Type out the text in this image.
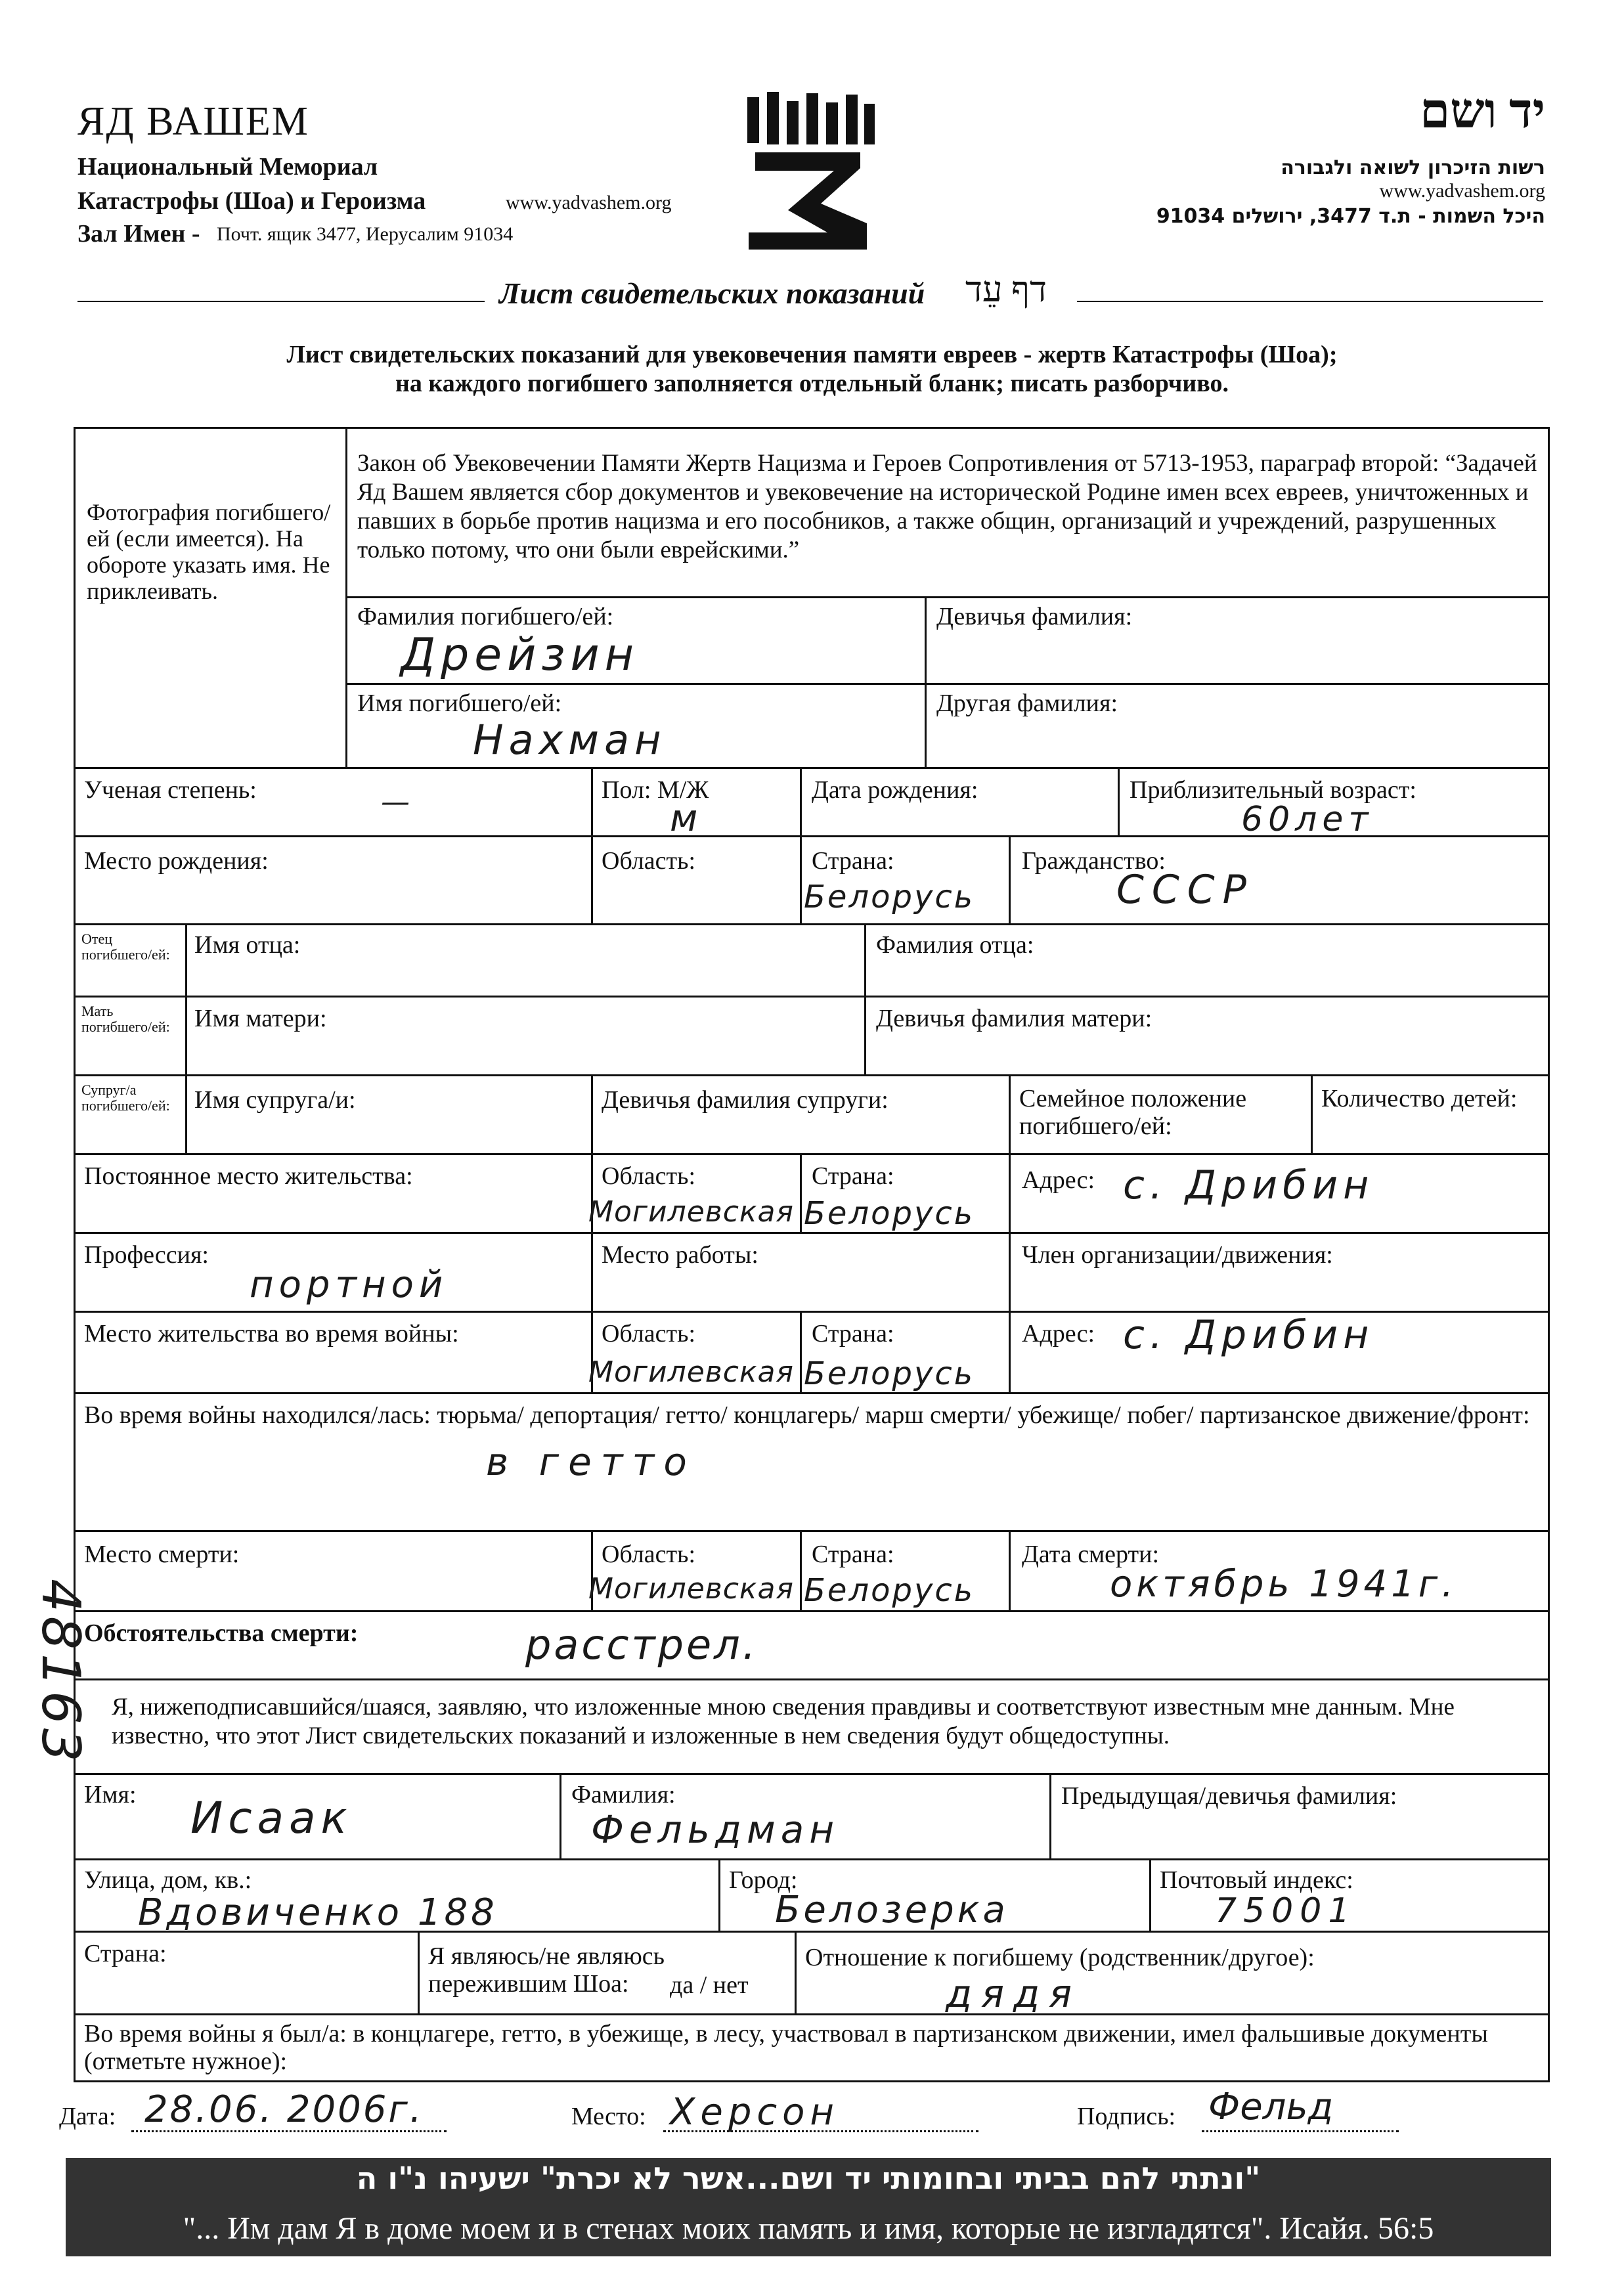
ЯД ВАШЕМ
Национальный Мемориал
Катастрофы (Шоа) и Героизма	www.yadvashem.org
Зал Имен - Почт. ящик 3477, Иерусалим 91034
יד ושם
רשות הזיכרון לשואה ולגבורה
www.yadvashem.org
היכל השמות - ת.ד 3477, ירושלים 91034
Лист свидетельских показаний דף עֵד
Лист свидетельских показаний для увековечения памяти евреев - жертв Катастрофы (Шоа);
на каждого погибшего заполняется отдельный бланк; писать разборчиво.
Фотография погибшего/ей (если имеется). На обороте указать имя. Не приклеивать.
Закон об Увековечении Памяти Жертв Нацизма и Героев Сопротивления от 5713-1953, параграф второй: “Задачей Яд Вашем является сбор документов и увековечение на исторической Родине имен всех евреев, уничтоженных и павших в борьбе против нацизма и его пособников, а также общин, организаций и учреждений, разрушенных только потому, что они были еврейскими.”
Фамилия погибшего/ей:
Дрейзин
Девичья фамилия:
Имя погибшего/ей:
Нахман
Другая фамилия:
Ученая степень:	—	Пол: М/Ж
м
Дата рождения:	Приблизительный возраст:
60лет
Место рождения:	Область:	Страна:
Белорусь
Гражданство:
СССР
Отец погибшего/ей: Имя отца:	Фамилия отца:
Мать погибшего/ей: Имя матери:	Девичья фамилия матери:
Супруг/а погибшего/ей: Имя супруга/и:	Девичья фамилия супруги:	Семейное положение погибшего/ей:
Количество детей:
Постоянное место жительства:	Область:
Могилевская
Страна:
Белорусь
Адрес: с. Дрибин
Профессия:
портной
Место работы:	Член организации/движения:
Место жительства во время войны:	Область:
Могилевская
Страна:
Белорусь
Адрес: с. Дрибин
Во время войны находился/лась: тюрьма/ депортация/ гетто/ концлагерь/ марш смерти/ убежище/ побег/ партизанское движение/фронт:
в гетто
Место смерти:	Область:
Могилевская
Страна:
Белорусь
Дата смерти:
октябрь 1941г.
Обстоятельства смерти:	расстрел.
Я, нижеподписавшийся/шаяся, заявляю, что изложенные мною сведения правдивы и соответствуют известным мне данным. Мне известно, что этот Лист свидетельских показаний и изложенные в нем сведения будут общедоступны.
Имя: Исаак	Фамилия:
Фельдман
Предыдущая/девичья фамилия:
Улица, дом, кв.:
Вдовиченко 188
Город:
Белозерка
Почтовый индекс:
75001
Страна:	Я являюсь/не являюсь пережившим Шоа:	да / нет
Отношение к погибшему (родственник/другое):
дядя
Во время войны я был/а: в концлагере, гетто, в убежище, в лесу, участвовал в партизанском движении, имел фальшивые документы (отметьте нужное):
Дата: 28.06. 2006г.	Место: Херсон	Подпись: Фельд
48163
"ונתתי להם בביתי ובחומותי יד ושם...אשר לא יכרת" ישעיהו נ"ו ה
"... Им дам Я в доме моем и в стенах моих память и имя, которые не изгладятся". Исайя. 56:5
